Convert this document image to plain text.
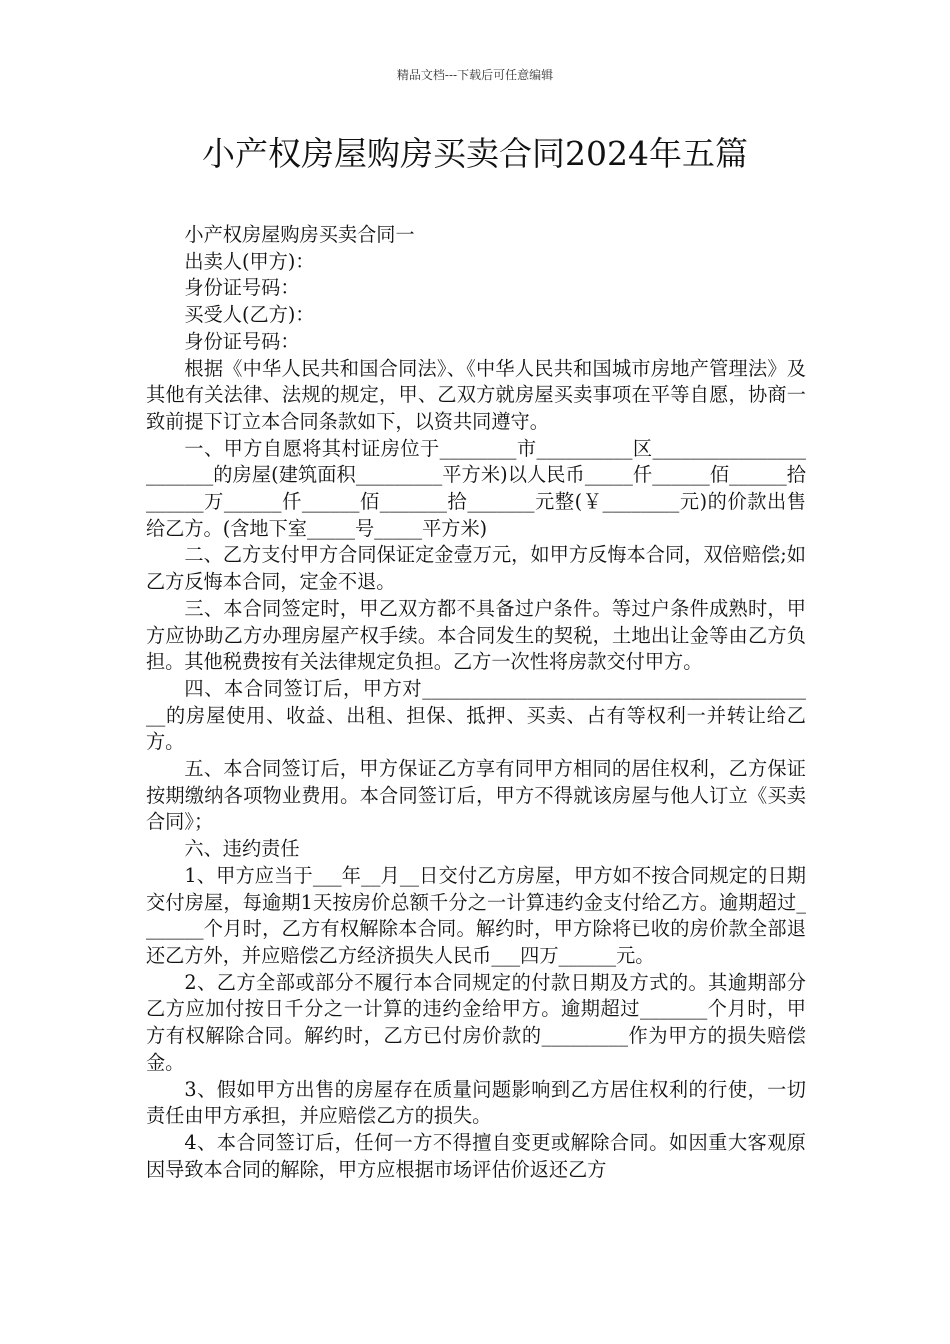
精品文档---下载后可任意编辑
小产权房屋购房买卖合同2024年五篇

小产权房屋购房买卖合同一

出卖人(甲方)：

身份证号码：

买受人(乙方)：

身份证号码：

根据《中华人民共和国合同法》、《中华人民共和国城市房地产管理法》及其他有关法律、法规的规定，甲、乙双方就房屋买卖事项在平等自愿，协商一致前提下订立本合同条款如下，以资共同遵守。

一、甲方自愿将其村证房位于________市__________区_______________________的房屋(建筑面积_________平方米)以人民币_____仟______佰______拾______万______仟______佰_______拾_______元整(￥________元)的价款出售给乙方。(含地下室_____号_____平方米)

二、乙方支付甲方合同保证定金壹万元，如甲方反悔本合同，双倍赔偿;如乙方反悔本合同，定金不退。

三、本合同签定时，甲乙双方都不具备过户条件。等过户条件成熟时，甲方应协助乙方办理房屋产权手续。本合同发生的契税，土地出让金等由乙方负担。其他税费按有关法律规定负担。乙方一次性将房款交付甲方。

四、本合同签订后，甲方对__________________________________________的房屋使用、收益、出租、担保、抵押、买卖、占有等权利一并转让给乙方。

五、本合同签订后，甲方保证乙方享有同甲方相同的居住权利，乙方保证按期缴纳各项物业费用。本合同签订后，甲方不得就该房屋与他人订立《买卖合同》；

六、违约责任

1、甲方应当于___年__月__日交付乙方房屋，甲方如不按合同规定的日期交付房屋，每逾期1天按房价总额千分之一计算违约金支付给乙方。逾期超过_______个月时，乙方有权解除本合同。解约时，甲方除将已收的房价款全部退还乙方外，并应赔偿乙方经济损失人民币___四万______元。

2、乙方全部或部分不履行本合同规定的付款日期及方式的。其逾期部分乙方应加付按日千分之一计算的违约金给甲方。逾期超过_______个月时，甲方有权解除合同。解约时，乙方已付房价款的_________作为甲方的损失赔偿金。

3、假如甲方出售的房屋存在质量问题影响到乙方居住权利的行使，一切责任由甲方承担，并应赔偿乙方的损失。

4、本合同签订后，任何一方不得擅自变更或解除合同。如因重大客观原因导致本合同的解除，甲方应根据市场评估价返还乙方
